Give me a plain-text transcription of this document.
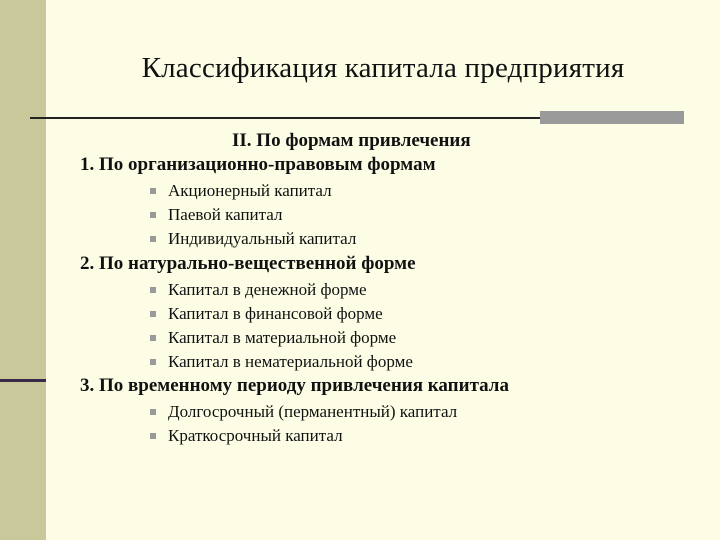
Классификация капитала предприятия
II. По формам привлечения
1. По организационно-правовым формам
Акционерный капитал
Паевой капитал
Индивидуальный капитал
2. По натурально-вещественной форме
Капитал в денежной форме
Капитал в финансовой форме
Капитал в материальной форме
Капитал в нематериальной форме
3. По временному периоду привлечения капитала
Долгосрочный (перманентный) капитал
Краткосрочный капитал
